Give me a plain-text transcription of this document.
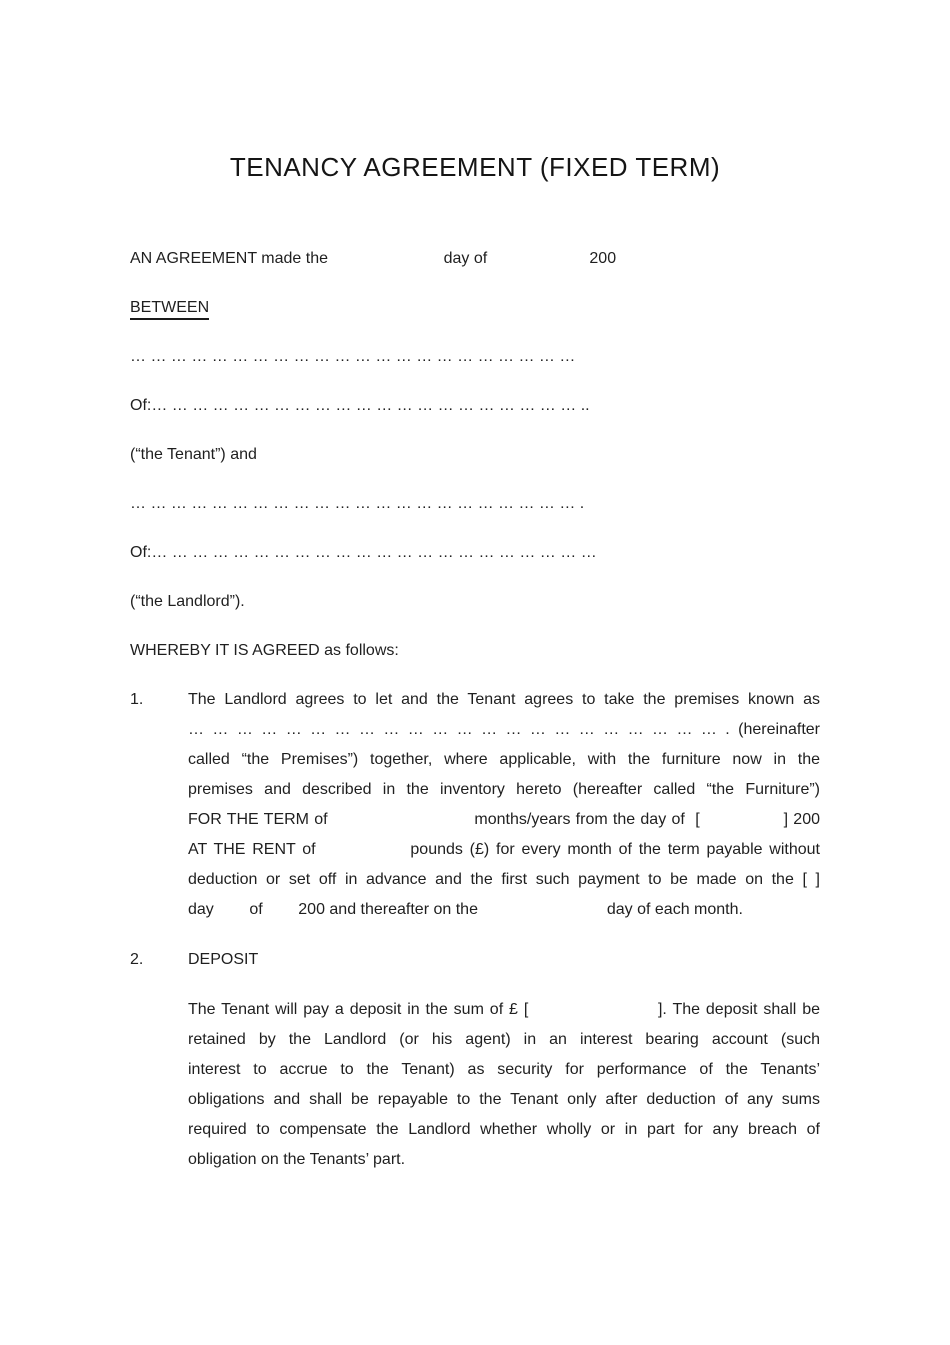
TENANCY AGREEMENT (FIXED TERM)

AN AGREEMENT made the                          day of                       200

BETWEEN

… … … … … … … … … … … … … … … … … … … … … …

Of:… … … … … … … … … … … … … … … … … … … … … ..

(“the Tenant”) and

… … … … … … … … … … … … … … … … … … … … … … .

Of:… … … … … … … … … … … … … … … … … … … … … …

(“the Landlord”).

WHEREBY IT IS AGREED as follows:

1.	The Landlord agrees to let and the Tenant agrees to take the premises known as
… … … … … … … … … … … … … … … … … … … … … … . (hereinafter
called “the Premises”) together, where applicable, with the furniture now in the
premises and described in the inventory hereto (hereafter called “the Furniture”)
FOR THE TERM of                            months/years from the day of  [                ] 200
AT THE RENT of              pounds (£) for every month of the term payable without
deduction or set off in advance and the first such payment to be made on the [ ]
day        of        200 and thereafter on the                             day of each month.
2.	DEPOSIT
The Tenant will pay a deposit in the sum of £ [                      ]. The deposit shall be
retained by the Landlord (or his agent) in an interest bearing account (such
interest to accrue to the Tenant) as security for performance of the Tenants’
obligations and shall be repayable to the Tenant only after deduction of any sums
required to compensate the Landlord whether wholly or in part for any breach of
obligation on the Tenants’ part.
